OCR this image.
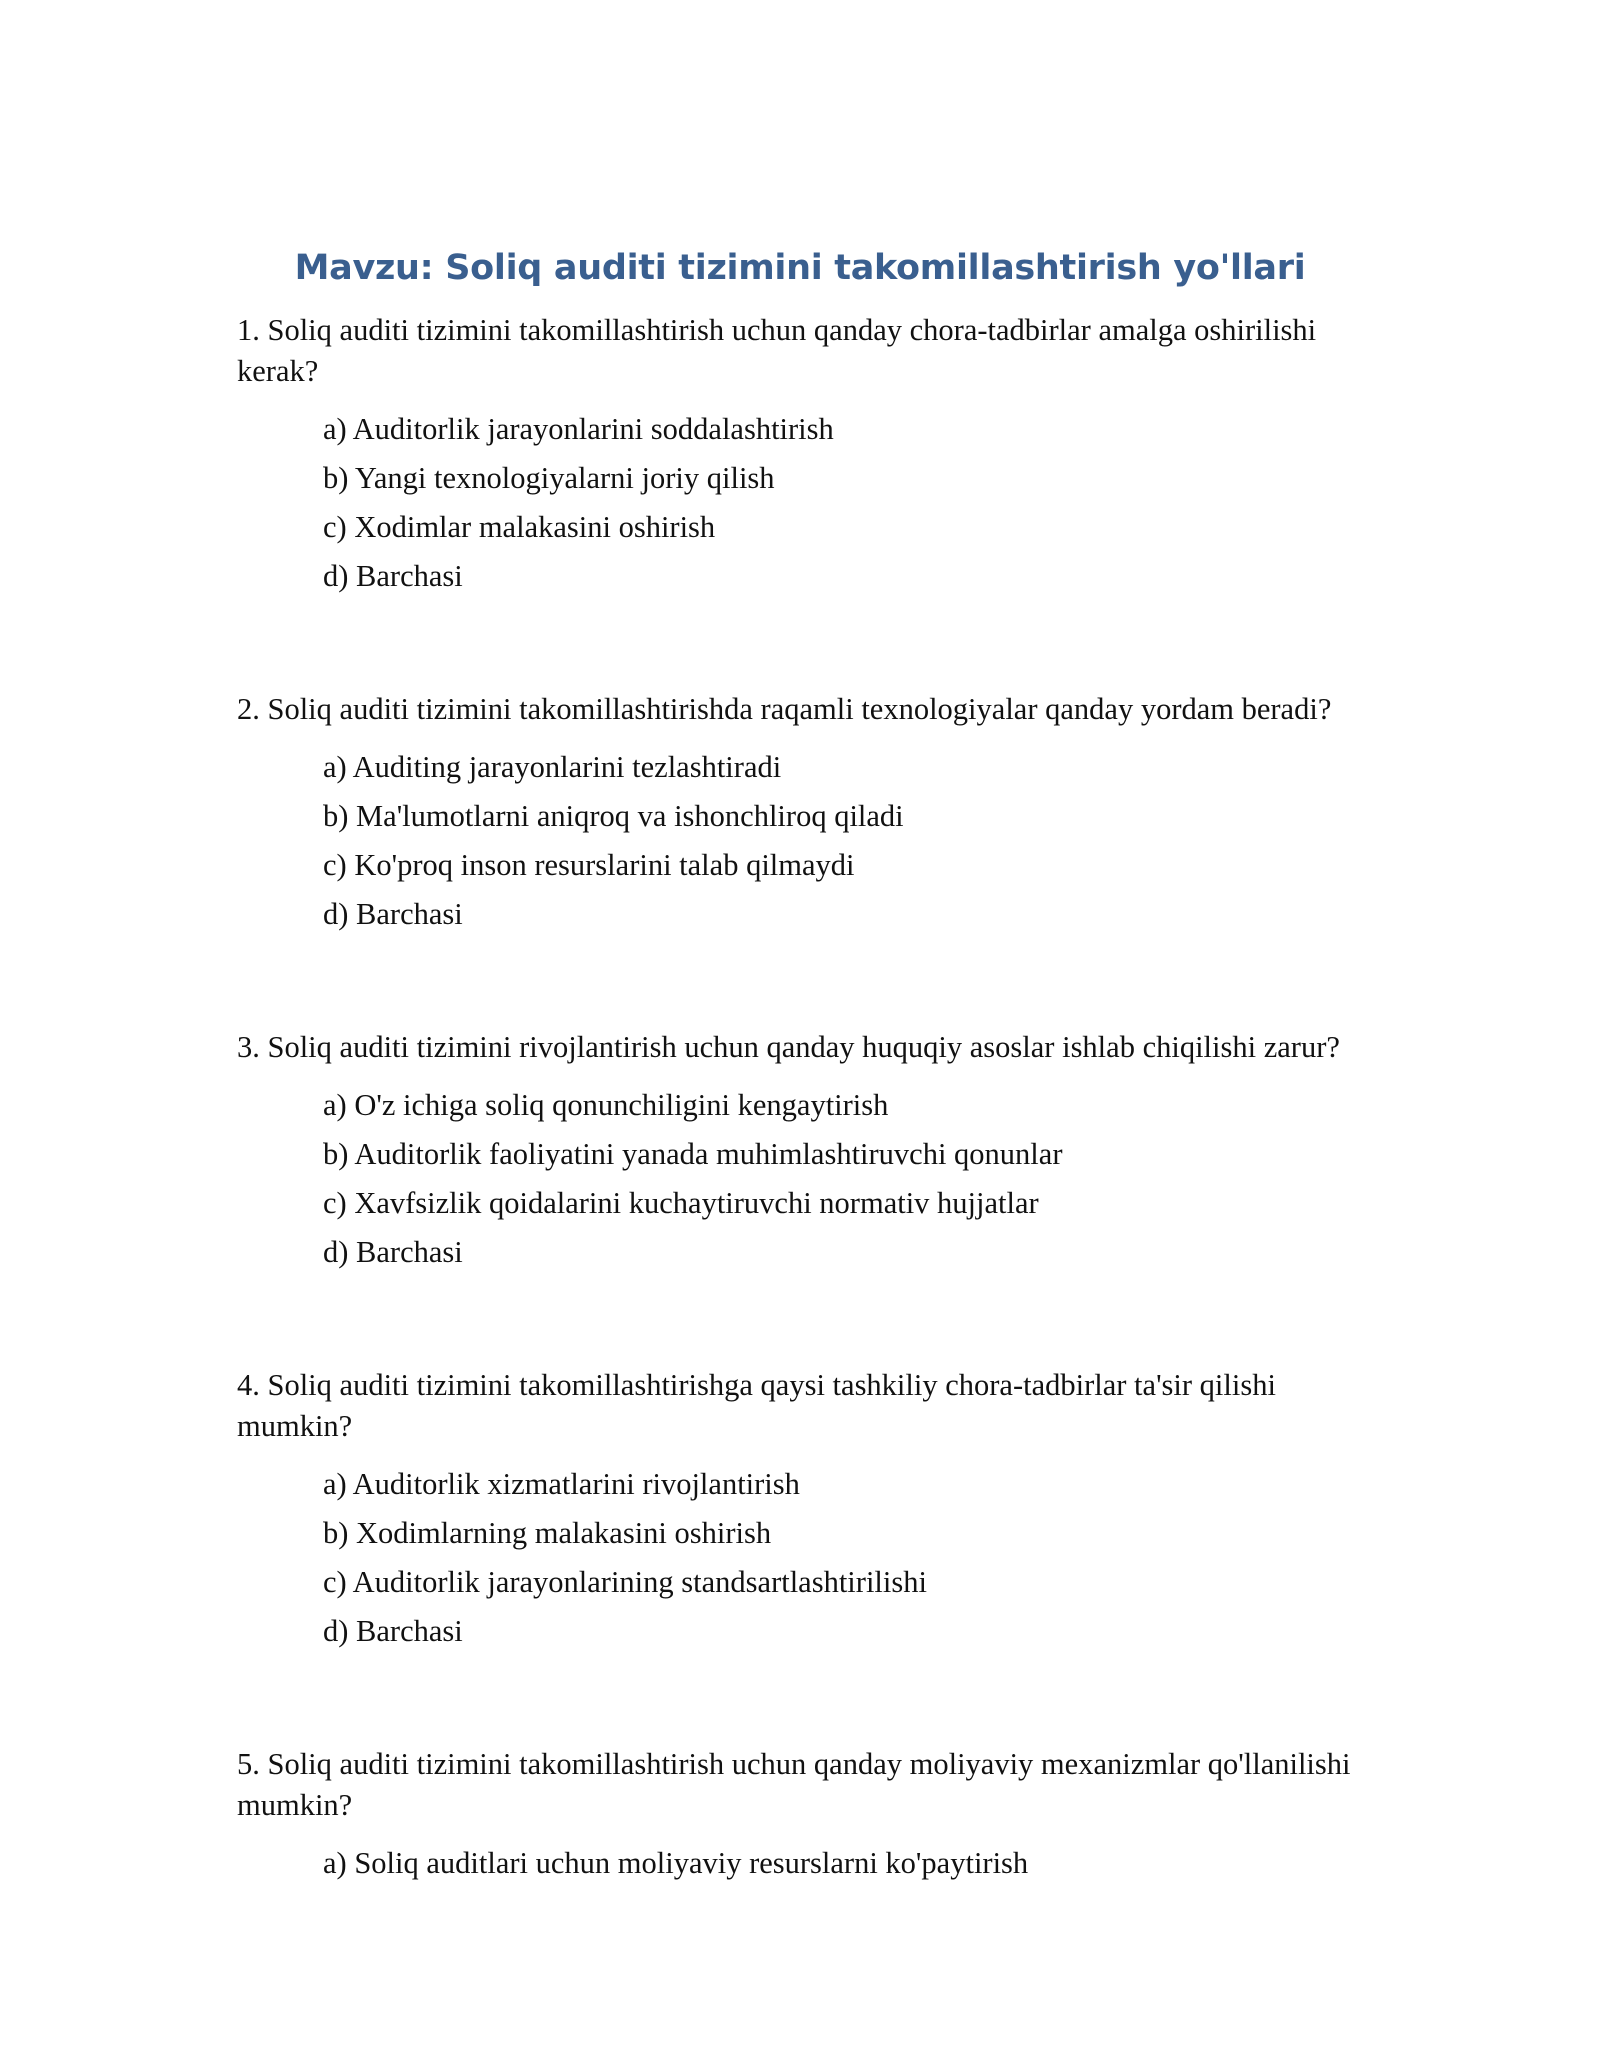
Mavzu: Soliq auditi tizimini takomillashtirish yo'llari
1. Soliq auditi tizimini takomillashtirish uchun qanday chora-tadbirlar amalga oshirilishi kerak?
a) Auditorlik jarayonlarini soddalashtirish
b) Yangi texnologiyalarni joriy qilish
c) Xodimlar malakasini oshirish
d) Barchasi
2. Soliq auditi tizimini takomillashtirishda raqamli texnologiyalar qanday yordam beradi?
a) Auditing jarayonlarini tezlashtiradi
b) Ma'lumotlarni aniqroq va ishonchliroq qiladi
c) Ko'proq inson resurslarini talab qilmaydi
d) Barchasi
3. Soliq auditi tizimini rivojlantirish uchun qanday huquqiy asoslar ishlab chiqilishi zarur?
a) O'z ichiga soliq qonunchiligini kengaytirish
b) Auditorlik faoliyatini yanada muhimlashtiruvchi qonunlar
c) Xavfsizlik qoidalarini kuchaytiruvchi normativ hujjatlar
d) Barchasi
4. Soliq auditi tizimini takomillashtirishga qaysi tashkiliy chora-tadbirlar ta'sir qilishi mumkin?
a) Auditorlik xizmatlarini rivojlantirish
b) Xodimlarning malakasini oshirish
c) Auditorlik jarayonlarining standsartlashtirilishi
d) Barchasi
5. Soliq auditi tizimini takomillashtirish uchun qanday moliyaviy mexanizmlar qo'llanilishi mumkin?
a) Soliq auditlari uchun moliyaviy resurslarni ko'paytirish
